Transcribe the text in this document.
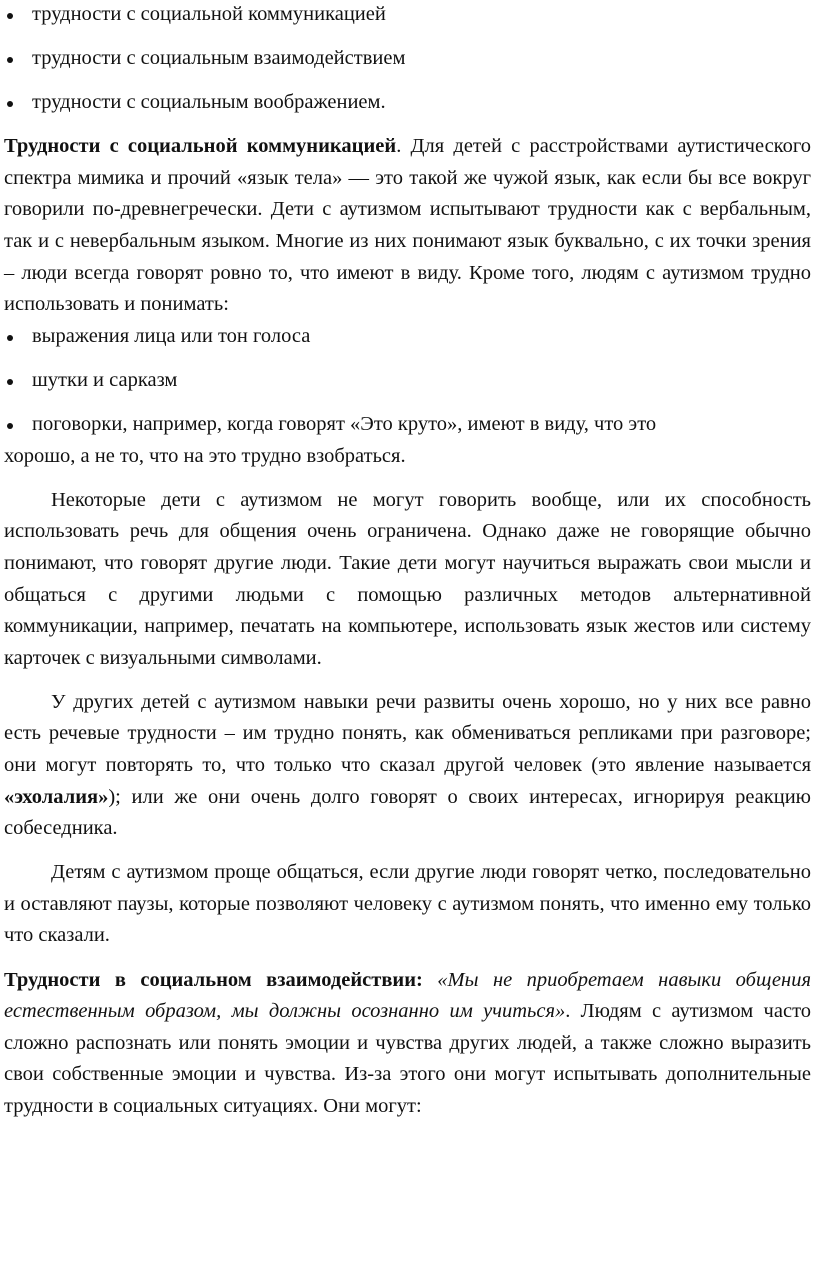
трудности с социальной коммуникацией
трудности с социальным взаимодействием
трудности с социальным воображением.

Трудности с социальной коммуникацией. Для детей с расстройствами аутистического спектра мимика и прочий «язык тела» — это такой же чужой язык, как если бы все вокруг говорили по-древнегречески. Дети с аутизмом испытывают трудности как с вербальным, так и с невербальным языком. Многие из них понимают язык буквально, с их точки зрения – люди всегда говорят ровно то, что имеют в виду. Кроме того, людям с аутизмом трудно использовать и понимать:

выражения лица или тон голоса
шутки и сарказм
поговорки, например, когда говорят «Это круто», имеют в виду, что это
хорошо, а не то, что на это трудно взобраться.

Некоторые дети с аутизмом не могут говорить вообще, или их способность использовать речь для общения очень ограничена. Однако даже не говорящие обычно понимают, что говорят другие люди. Такие дети могут научиться выражать свои мысли и общаться с другими людьми с помощью различных методов альтернативной коммуникации, например, печатать на компьютере, использовать язык жестов или систему карточек с визуальными символами.

У других детей с аутизмом навыки речи развиты очень хорошо, но у них все равно есть речевые трудности – им трудно понять, как обмениваться репликами при разговоре; они могут повторять то, что только что сказал другой человек (это явление называется «эхолалия»); или же они очень долго говорят о своих интересах, игнорируя реакцию собеседника.

Детям с аутизмом проще общаться, если другие люди говорят четко, последовательно и оставляют паузы, которые позволяют человеку с аутизмом понять, что именно ему только что сказали.

Трудности в социальном взаимодействии: «Мы не приобретаем навыки общения естественным образом, мы должны осознанно им учиться». Людям с аутизмом часто сложно распознать или понять эмоции и чувства других людей, а также сложно выразить свои собственные эмоции и чувства. Из-за этого они могут испытывать дополнительные трудности в социальных ситуациях. Они могут:
